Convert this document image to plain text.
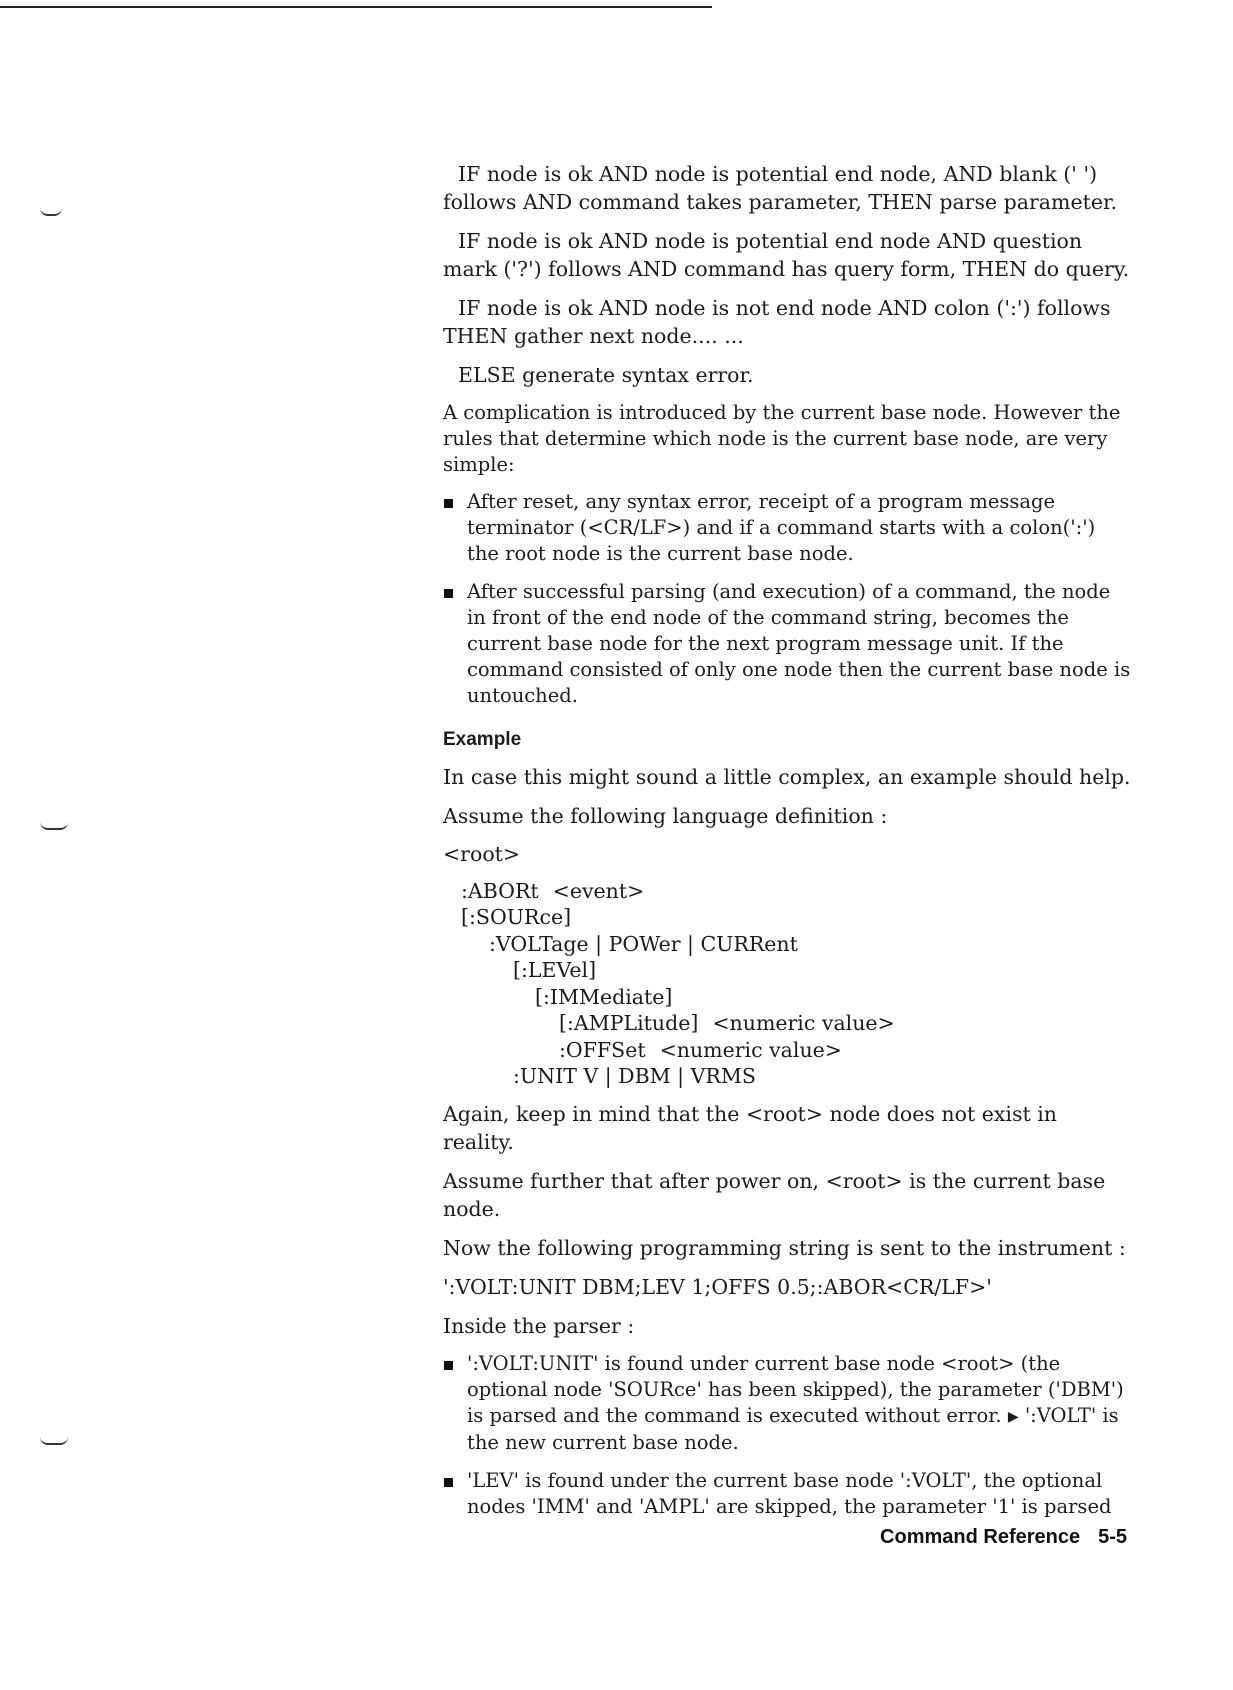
IF node is ok AND node is potential end node, AND blank (' ') follows AND command takes parameter, THEN parse parameter.

IF node is ok AND node is potential end node AND question mark ('?') follows AND command has query form, THEN do query.

IF node is ok AND node is not end node AND colon (':') follows THEN gather next node.... ...

ELSE generate syntax error.

A complication is introduced by the current base node. However the rules that determine which node is the current base node, are very simple:

After reset, any syntax error, receipt of a program message terminator (<CR/LF>) and if a command starts with a colon(':') the root node is the current base node.
After successful parsing (and execution) of a command, the node in front of the end node of the command string, becomes the current base node for the next program message unit. If the command consisted of only one node then the current base node is untouched.
Example

In case this might sound a little complex, an example should help.

Assume the following language definition :

<root>
:ABORt <event>
[:SOURce]
:VOLTage | POWer | CURRent
[:LEVel]
[:IMMediate]
[:AMPLitude] <numeric value>
:OFFSet <numeric value>
:UNIT V | DBM | VRMS

Again, keep in mind that the <root> node does not exist in reality.

Assume further that after power on, <root> is the current base node.

Now the following programming string is sent to the instrument :

':VOLT:UNIT DBM;LEV 1;OFFS 0.5;:ABOR<CR/LF>'

Inside the parser :

':VOLT:UNIT' is found under current base node <root> (the optional node 'SOURce' has been skipped), the parameter ('DBM') is parsed and the command is executed without error. ▶ ':VOLT' is the new current base node.
'LEV' is found under the current base node ':VOLT', the optional nodes 'IMM' and 'AMPL' are skipped, the parameter '1' is parsed
Command Reference 5-5
